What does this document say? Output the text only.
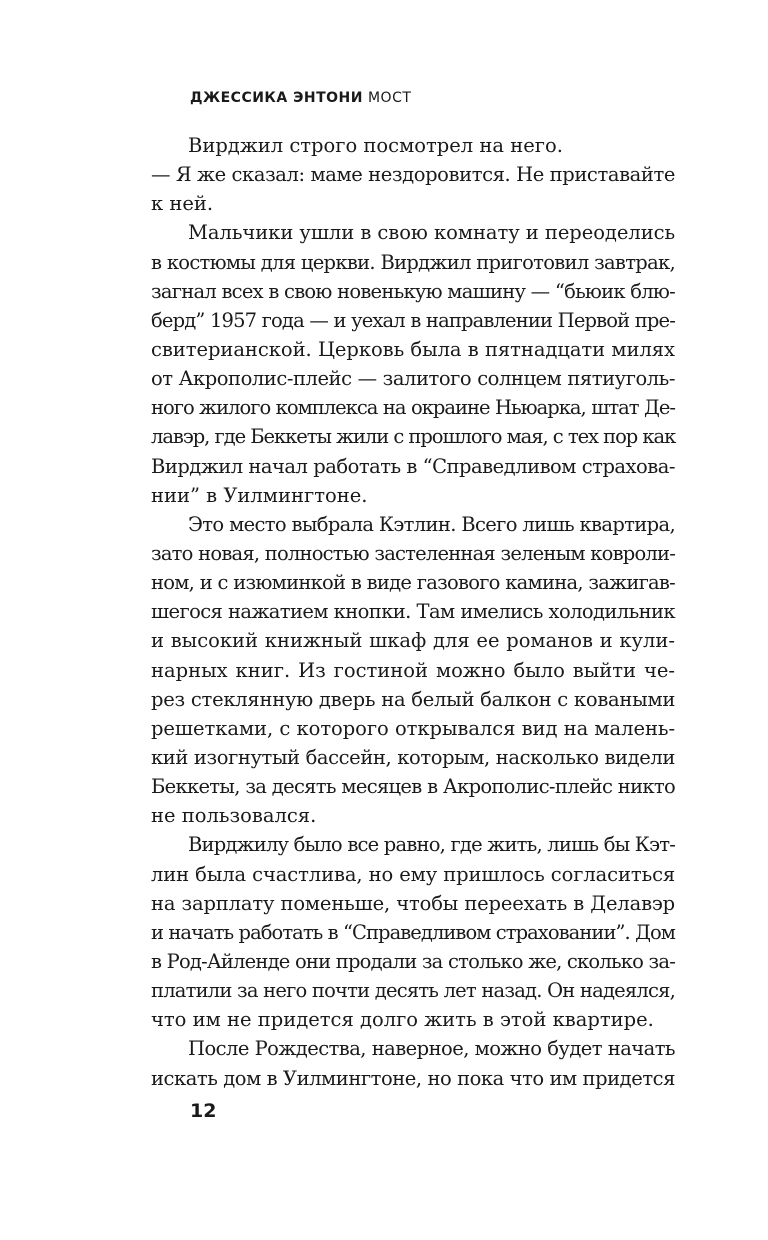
ДЖЕССИКА ЭНТОНИ МОСТ
Вирджил строго посмотрел на него.
— Я же сказал: маме нездоровится. Не приставайте
к ней.
Мальчики ушли в свою комнату и переоделись
в костюмы для церкви. Вирджил приготовил завтрак,
загнал всех в свою новенькую машину — “бьюик блю-
берд” 1957 года — и уехал в направлении Первой пре-
свитерианской. Церковь была в пятнадцати милях
от Акрополис-плейс — залитого солнцем пятиуголь-
ного жилого комплекса на окраине Ньюарка, штат Де-
лавэр, где Беккеты жили с прошлого мая, с тех пор как
Вирджил начал работать в “Справедливом страхова-
нии” в Уилмингтоне.
Это место выбрала Кэтлин. Всего лишь квартира,
зато новая, полностью застеленная зеленым ковроли-
ном, и с изюминкой в виде газового камина, зажигав-
шегося нажатием кнопки. Там имелись холодильник
и высокий книжный шкаф для ее романов и кули-
нарных книг. Из гостиной можно было выйти че-
рез стеклянную дверь на белый балкон с коваными
решетками, с которого открывался вид на малень-
кий изогнутый бассейн, которым, насколько видели
Беккеты, за десять месяцев в Акрополис-плейс никто
не пользовался.
Вирджилу было все равно, где жить, лишь бы Кэт-
лин была счастлива, но ему пришлось согласиться
на зарплату поменьше, чтобы переехать в Делавэр
и начать работать в “Справедливом страховании”. Дом
в Род-Айленде они продали за столько же, сколько за-
платили за него почти десять лет назад. Он надеялся,
что им не придется долго жить в этой квартире.
После Рождества, наверное, можно будет начать
искать дом в Уилмингтоне, но пока что им придется
12
